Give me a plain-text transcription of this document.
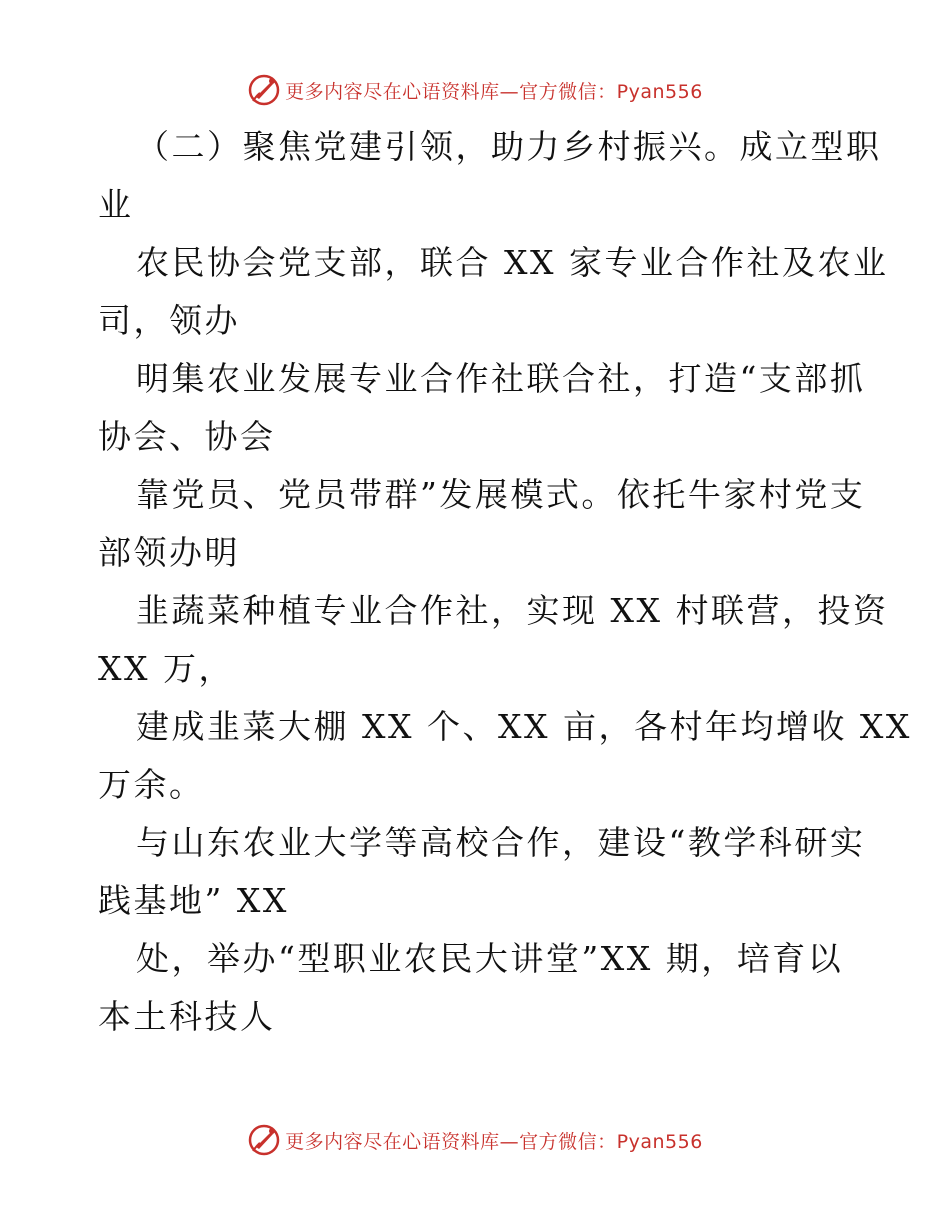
更多内容尽在心语资料库—官方微信：Pyan556

（二）聚焦党建引领，助力乡村振兴。成立型职
业

农民协会党支部，联合 XX 家专业合作社及农业
司，领办

明集农业发展专业合作社联合社，打造“支部抓
协会、协会

靠党员、党员带群”发展模式。依托牛家村党支
部领办明

韭蔬菜种植专业合作社，实现 XX 村联营，投资
XX 万，

建成韭菜大棚 XX 个、XX 亩，各村年均增收 XX
万余。

与山东农业大学等高校合作，建设“教学科研实
践基地” XX

处，举办“型职业农民大讲堂”XX 期，培育以
本土科技人

更多内容尽在心语资料库—官方微信：Pyan556
